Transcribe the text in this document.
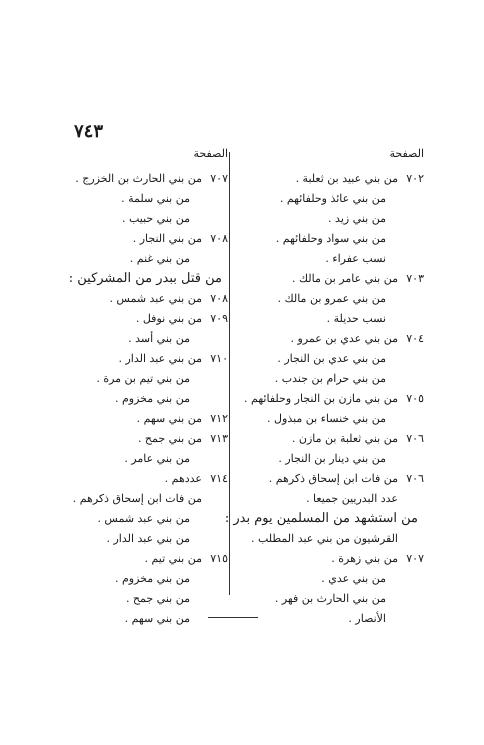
٧٤٣
الصفحة
الصفحة
٧٠٢
من بني عبيد بن ثعلبة .
من بني عائذ وحلفائهم .
من بني زيد .
من بني سواد وحلفائهم .
نسب عفراء .
٧٠٣
من بني عامر بن مالك .
من بني عمرو بن مالك .
نسب حديلة .
٧٠٤
من بني عدي بن عمرو .
من بني عدي بن النجار .
من بني حرام بن جندب .
٧٠٥
من بني مازن بن النجار وحلفائهم .
من بني خنساء بن مبذول .
٧٠٦
من بني ثعلبة بن مازن .
من بني دينار بن النجار .
٧٠٦
من فات ابن إسحاق ذكرهم .
عدد البدريين جميعا .
من استشهد من المسلمين يوم بدر :
القرشيون من بني عبد المطلب .
٧٠٧
من بني زهرة .
من بني عدي .
من بني الحارث بن فهر .
الأنصار .
٧٠٧
من بني الحارث بن الخزرج .
من بني سلمة .
من بني حبيب .
٧٠٨
من بني النجار .
من بني غنم .
من قتل ببدر من المشركين :
٧٠٨
من بني عبد شمس .
٧٠٩
من بني نوفل .
من بني أسد .
٧١٠
من بني عبد الدار .
من بني تيم بن مرة .
من بني مخزوم .
٧١٢
من بني سهم .
٧١٣
من بني جمح .
من بني عامر .
٧١٤
عددهم .
من فات ابن إسحاق ذكرهم .
من بني عبد شمس .
من بني عبد الدار .
٧١٥
من بني تيم .
من بني مخزوم .
من بني جمح .
من بني سهم .
